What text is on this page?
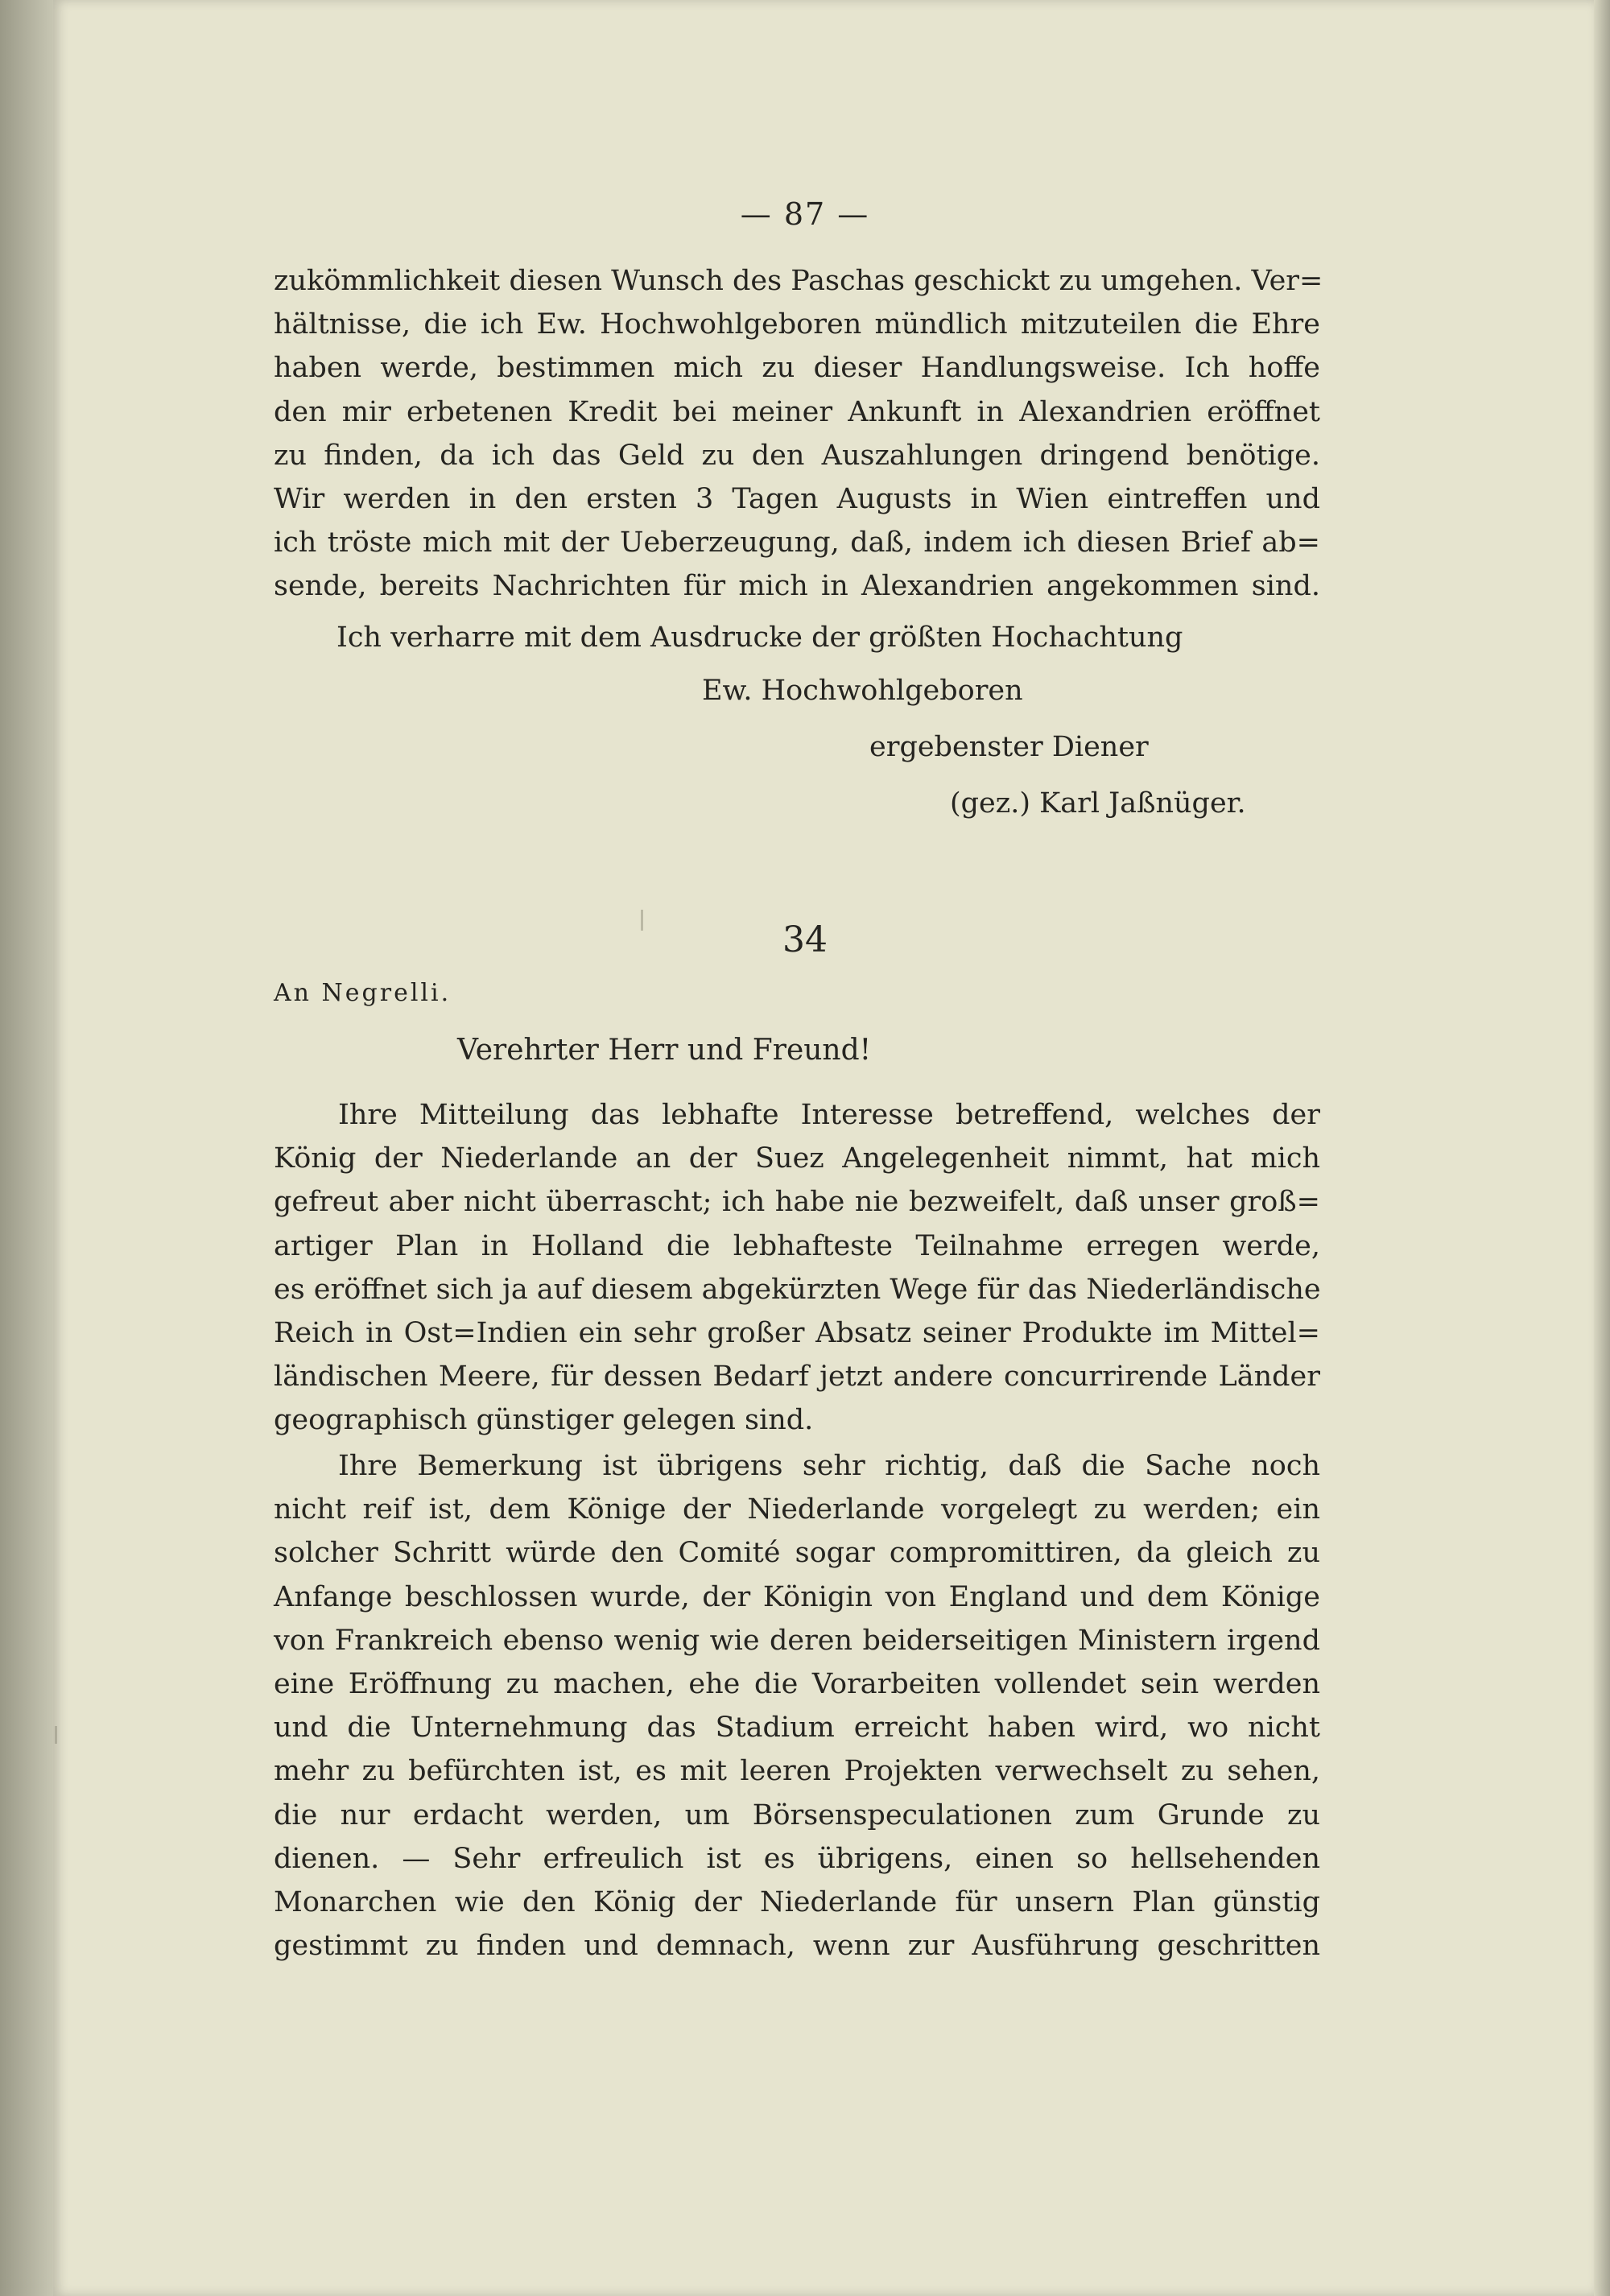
— 87 —
zukömmlichkeit diesen Wunsch des Paschas geschickt zu umgehen. Ver=
hältnisse, die ich Ew. Hochwohlgeboren mündlich mitzuteilen die Ehre
haben werde, bestimmen mich zu dieser Handlungsweise. Ich hoffe
den mir erbetenen Kredit bei meiner Ankunft in Alexandrien eröffnet
zu finden, da ich das Geld zu den Auszahlungen dringend benötige.
Wir werden in den ersten 3 Tagen Augusts in Wien eintreffen und
ich tröste mich mit der Ueberzeugung, daß, indem ich diesen Brief ab=
sende, bereits Nachrichten für mich in Alexandrien angekommen sind.
Ich verharre mit dem Ausdrucke der größten Hochachtung
Ew. Hochwohlgeboren
ergebenster Diener
(gez.) Karl Jaßnüger.
34
An Negrelli.
Verehrter Herr und Freund!
Ihre Mitteilung das lebhafte Interesse betreffend, welches der
König der Niederlande an der Suez Angelegenheit nimmt, hat mich
gefreut aber nicht überrascht; ich habe nie bezweifelt, daß unser groß=
artiger Plan in Holland die lebhafteste Teilnahme erregen werde,
es eröffnet sich ja auf diesem abgekürzten Wege für das Niederländische
Reich in Ost=Indien ein sehr großer Absatz seiner Produkte im Mittel=
ländischen Meere, für dessen Bedarf jetzt andere concurrirende Länder
geographisch günstiger gelegen sind.
Ihre Bemerkung ist übrigens sehr richtig, daß die Sache noch
nicht reif ist, dem Könige der Niederlande vorgelegt zu werden; ein
solcher Schritt würde den Comité sogar compromittiren, da gleich zu
Anfange beschlossen wurde, der Königin von England und dem Könige
von Frankreich ebenso wenig wie deren beiderseitigen Ministern irgend
eine Eröffnung zu machen, ehe die Vorarbeiten vollendet sein werden
und die Unternehmung das Stadium erreicht haben wird, wo nicht
mehr zu befürchten ist, es mit leeren Projekten verwechselt zu sehen,
die nur erdacht werden, um Börsenspeculationen zum Grunde zu
dienen. — Sehr erfreulich ist es übrigens, einen so hellsehenden
Monarchen wie den König der Niederlande für unsern Plan günstig
gestimmt zu finden und demnach, wenn zur Ausführung geschritten
